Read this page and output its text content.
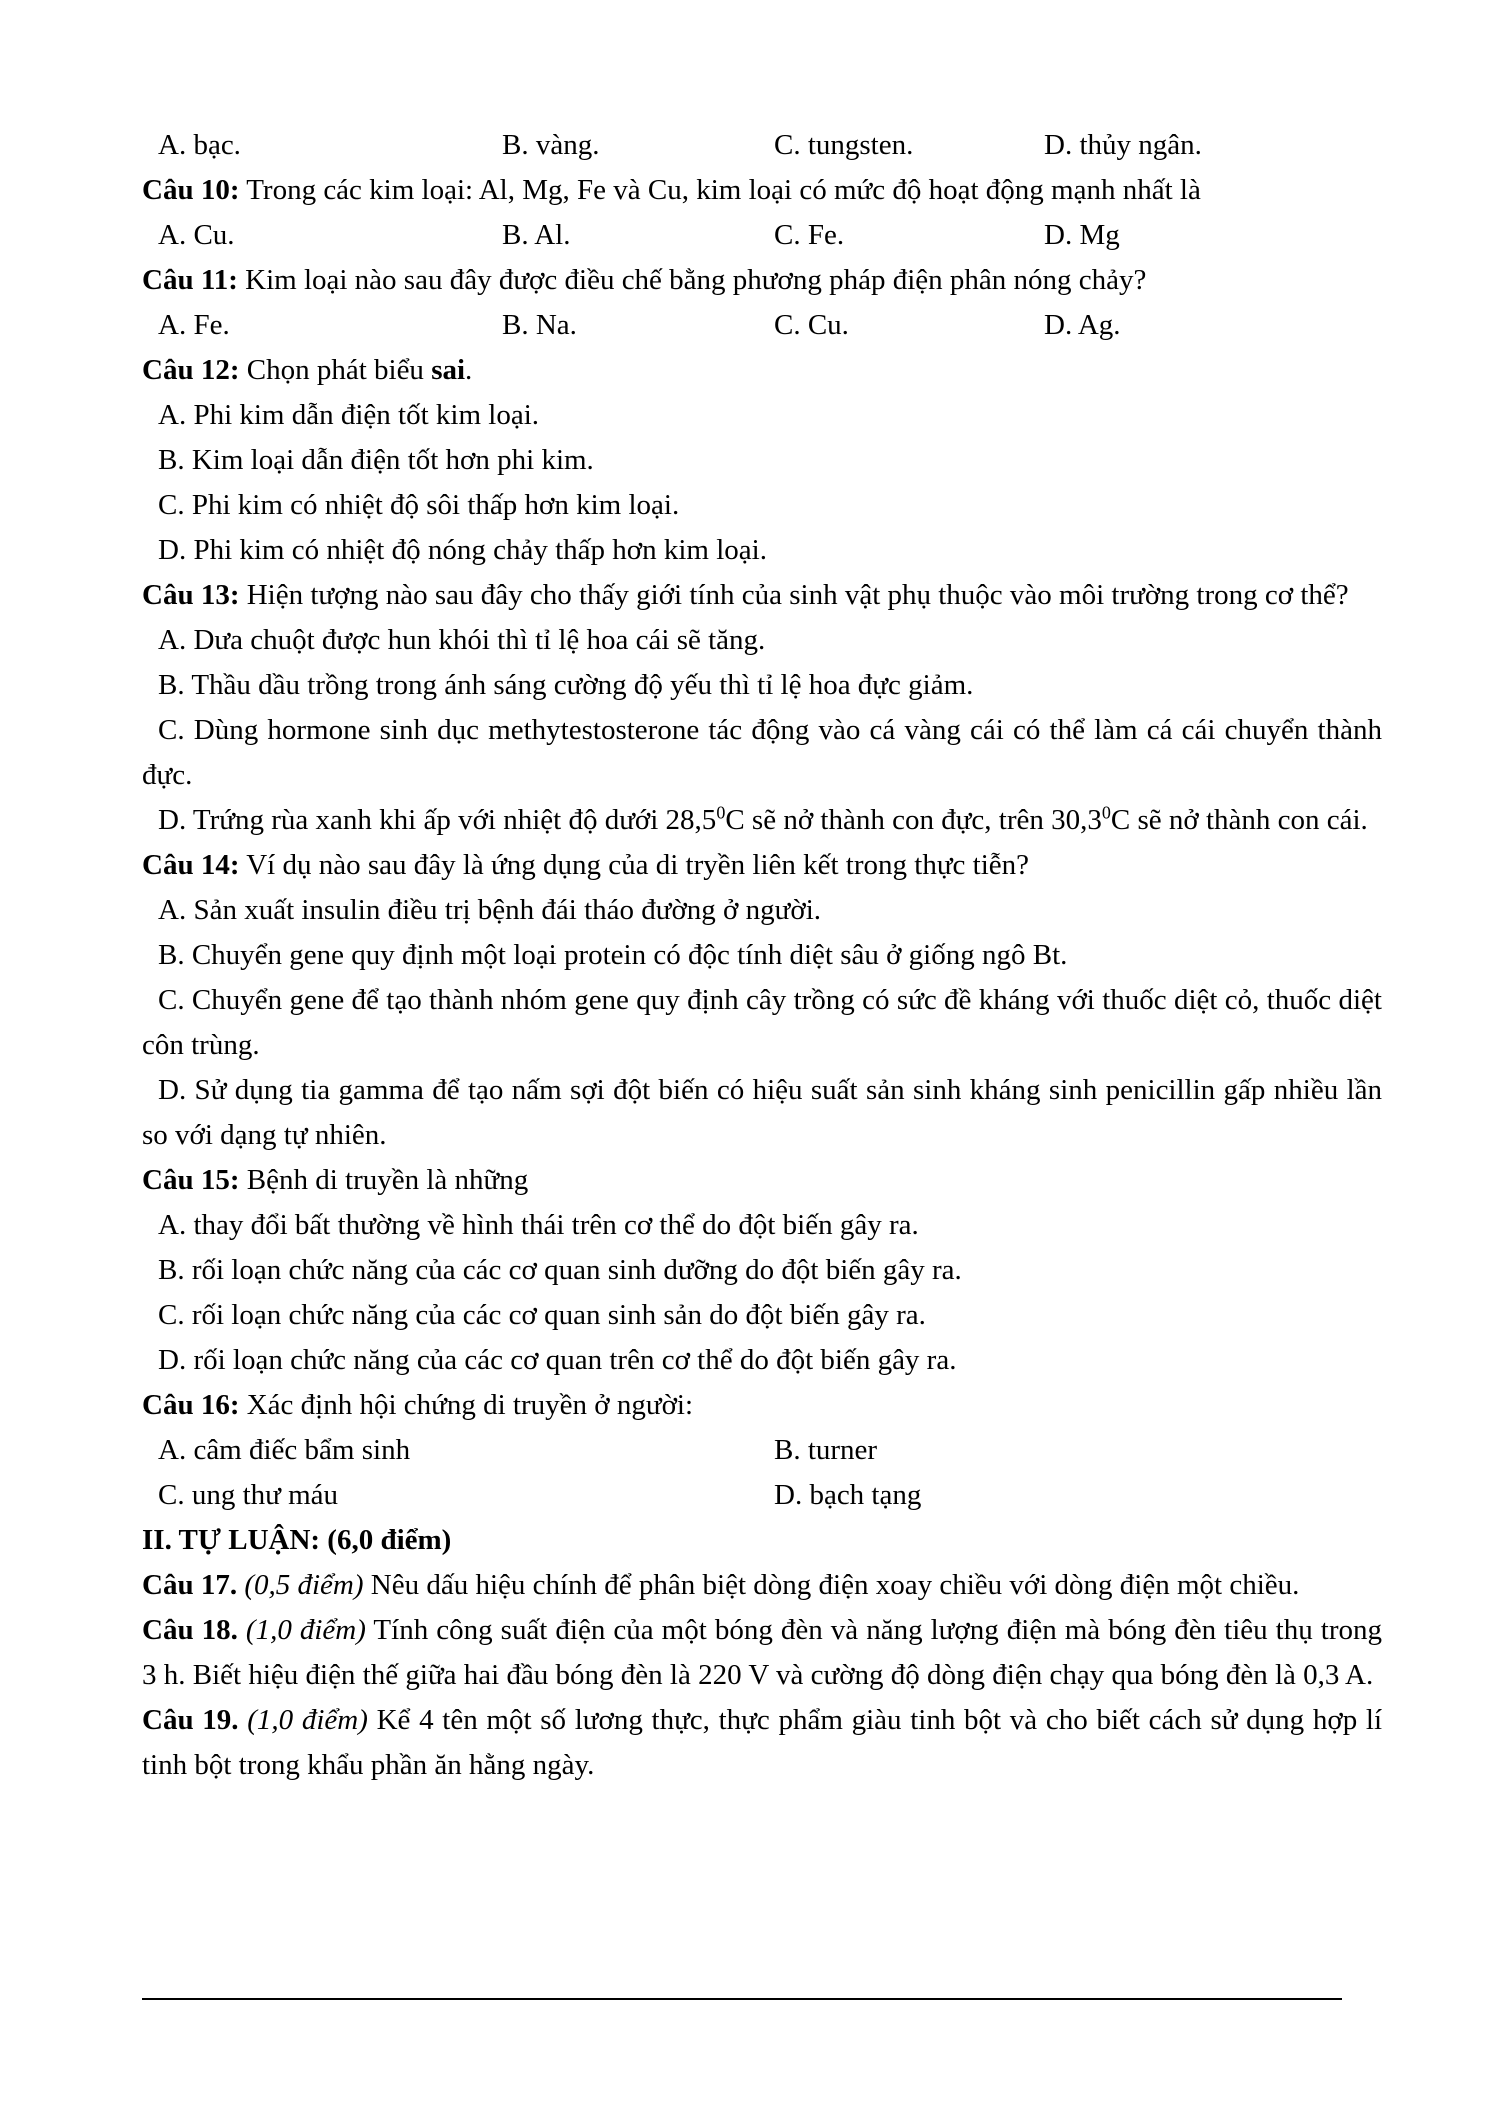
A. bạc.	B. vàng.	C. tungsten.	D. thủy ngân.
Câu 10: Trong các kim loại: Al, Mg, Fe và Cu, kim loại có mức độ hoạt động mạnh nhất là
A. Cu.	B. Al.	C. Fe.	D. Mg
Câu 11: Kim loại nào sau đây được điều chế bằng phương pháp điện phân nóng chảy?
A. Fe.	B. Na.	C. Cu.	D. Ag.
Câu 12: Chọn phát biểu sai.
A. Phi kim dẫn điện tốt kim loại.
B. Kim loại dẫn điện tốt hơn phi kim.
C. Phi kim có nhiệt độ sôi thấp hơn kim loại.
D. Phi kim có nhiệt độ nóng chảy thấp hơn kim loại.
Câu 13: Hiện tượng nào sau đây cho thấy giới tính của sinh vật phụ thuộc vào môi trường trong cơ thể?
A. Dưa chuột được hun khói thì tỉ lệ hoa cái sẽ tăng.
B. Thầu dầu trồng trong ánh sáng cường độ yếu thì tỉ lệ hoa đực giảm.
C. Dùng hormone sinh dục methytestosterone tác động vào cá vàng cái có thể làm cá cái chuyển thành đực.
D. Trứng rùa xanh khi ấp với nhiệt độ dưới 28,5$^0$C sẽ nở thành con đực, trên 30,3$^0$C sẽ nở thành con cái.
Câu 14: Ví dụ nào sau đây là ứng dụng của di tryền liên kết trong thực tiễn?
A. Sản xuất insulin điều trị bệnh đái tháo đường ở người.
B. Chuyển gene quy định một loại protein có độc tính diệt sâu ở giống ngô Bt.
C. Chuyển gene để tạo thành nhóm gene quy định cây trồng có sức đề kháng với thuốc diệt cỏ, thuốc diệt côn trùng.
D. Sử dụng tia gamma để tạo nấm sợi đột biến có hiệu suất sản sinh kháng sinh penicillin gấp nhiều lần so với dạng tự nhiên.
Câu 15: Bệnh di truyền là những
A. thay đổi bất thường về hình thái trên cơ thể do đột biến gây ra.
B. rối loạn chức năng của các cơ quan sinh dưỡng do đột biến gây ra.
C. rối loạn chức năng của các cơ quan sinh sản do đột biến gây ra.
D. rối loạn chức năng của các cơ quan trên cơ thể do đột biến gây ra.
Câu 16: Xác định hội chứng di truyền ở người:
A. câm điếc bẩm sinh	B. turner
C. ung thư máu	D. bạch tạng
II. TỰ LUẬN: (6,0 điểm)
Câu 17. (0,5 điểm) Nêu dấu hiệu chính để phân biệt dòng điện xoay chiều với dòng điện một chiều.
Câu 18. (1,0 điểm) Tính công suất điện của một bóng đèn và năng lượng điện mà bóng đèn tiêu thụ trong 3 h. Biết hiệu điện thế giữa hai đầu bóng đèn là 220 V và cường độ dòng điện chạy qua bóng đèn là 0,3 A.
Câu 19. (1,0 điểm) Kể 4 tên một số lương thực, thực phẩm giàu tinh bột và cho biết cách sử dụng hợp lí tinh bột trong khẩu phần ăn hằng ngày.
